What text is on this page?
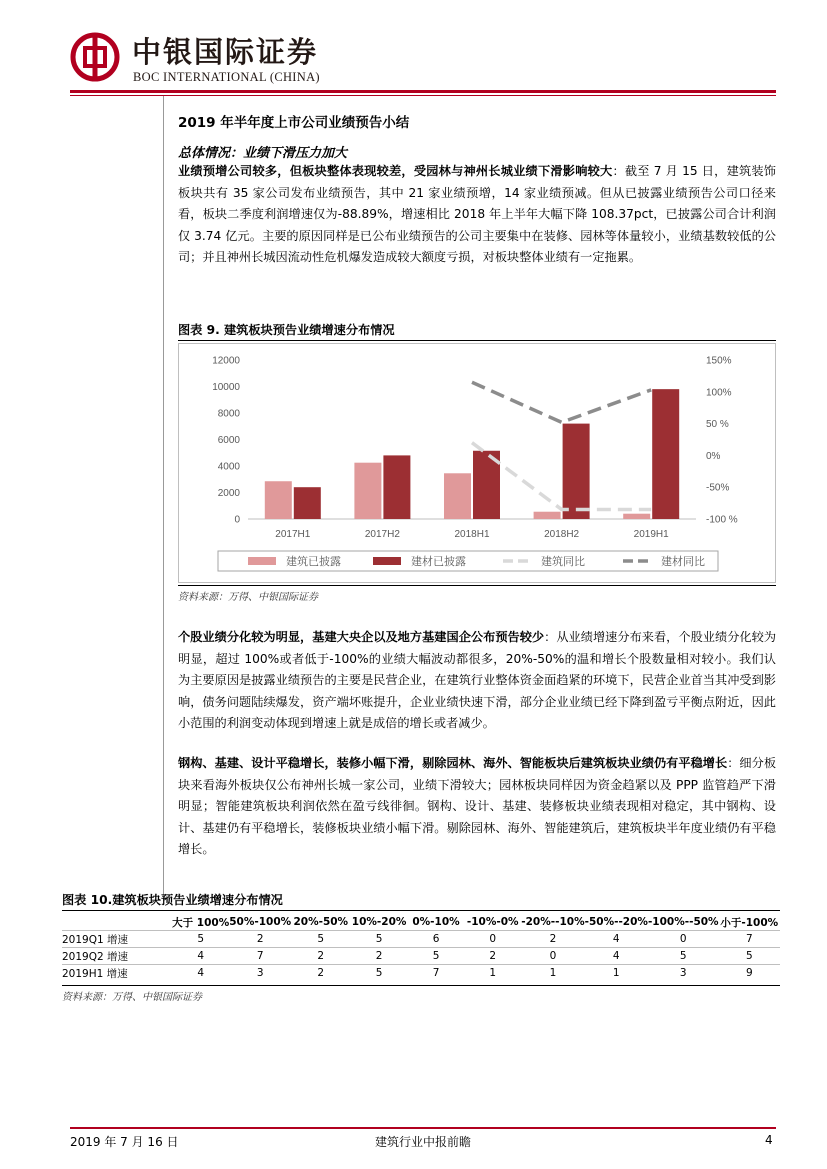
中银国际证券
BOC INTERNATIONAL (CHINA)
2019 年半年度上市公司业绩预告小结
总体情况：业绩下滑压力加大
业绩预增公司较多，但板块整体表现较差，受园林与神州长城业绩下滑影响较大：截至 7 月 15 日，建筑装饰板块共有 35 家公司发布业绩预告，其中 21 家业绩预增，14 家业绩预减。但从已披露业绩预告公司口径来看，板块二季度利润增速仅为-88.89%，增速相比 2018 年上半年大幅下降 108.37pct，已披露公司合计利润仅 3.74 亿元。主要的原因同样是已公布业绩预告的公司主要集中在装修、园林等体量较小，业绩基数较低的公司；并且神州长城因流动性危机爆发造成较大额度亏损，对板块整体业绩有一定拖累。
图表 9. 建筑板块预告业绩增速分布情况
0
2000
4000
6000
8000
10000
12000
-100 %
-50%
0%
50 %
100%
150%
2017H1	2017H2	2018H1	2018H2	2019H1
建筑已披露	建材已披露	建筑同比	建材同比
资料来源：万得、中银国际证券
个股业绩分化较为明显，基建大央企以及地方基建国企公布预告较少：从业绩增速分布来看，个股业绩分化较为明显，超过 100%或者低于-100%的业绩大幅波动都很多，20%-50%的温和增长个股数量相对较小。我们认为主要原因是披露业绩预告的主要是民营企业，在建筑行业整体资金面趋紧的环境下，民营企业首当其冲受到影响，债务问题陆续爆发，资产端坏账提升，企业业绩快速下滑，部分企业业绩已经下降到盈亏平衡点附近，因此小范围的利润变动体现到增速上就是成倍的增长或者减少。
钢构、基建、设计平稳增长，装修小幅下滑，剔除园林、海外、智能板块后建筑板块业绩仍有平稳增长：细分板块来看海外板块仅公布神州长城一家公司，业绩下滑较大；园林板块同样因为资金趋紧以及 PPP 监管趋严下滑明显；智能建筑板块利润依然在盈亏线徘徊。钢构、设计、基建、装修板块业绩表现相对稳定，其中钢构、设计、基建仍有平稳增长，装修板块业绩小幅下滑。剔除园林、海外、智能建筑后，建筑板块半年度业绩仍有平稳增长。
图表 10.建筑板块预告业绩增速分布情况
	大于 100%	50%-100%	20%-50%	10%-20%	0%-10%	-10%-0%	-20%--10%	-50%--20%	-100%--50%	小于-100%
2019Q1 增速	5	2	5	5	6	0	2	4	0	7
2019Q2 增速	4	7	2	2	5	2	0	4	5	5
2019H1 增速	4	3	2	5	7	1	1	1	3	9
资料来源：万得、中银国际证券
2019 年 7 月 16 日	建筑行业中报前瞻	4
